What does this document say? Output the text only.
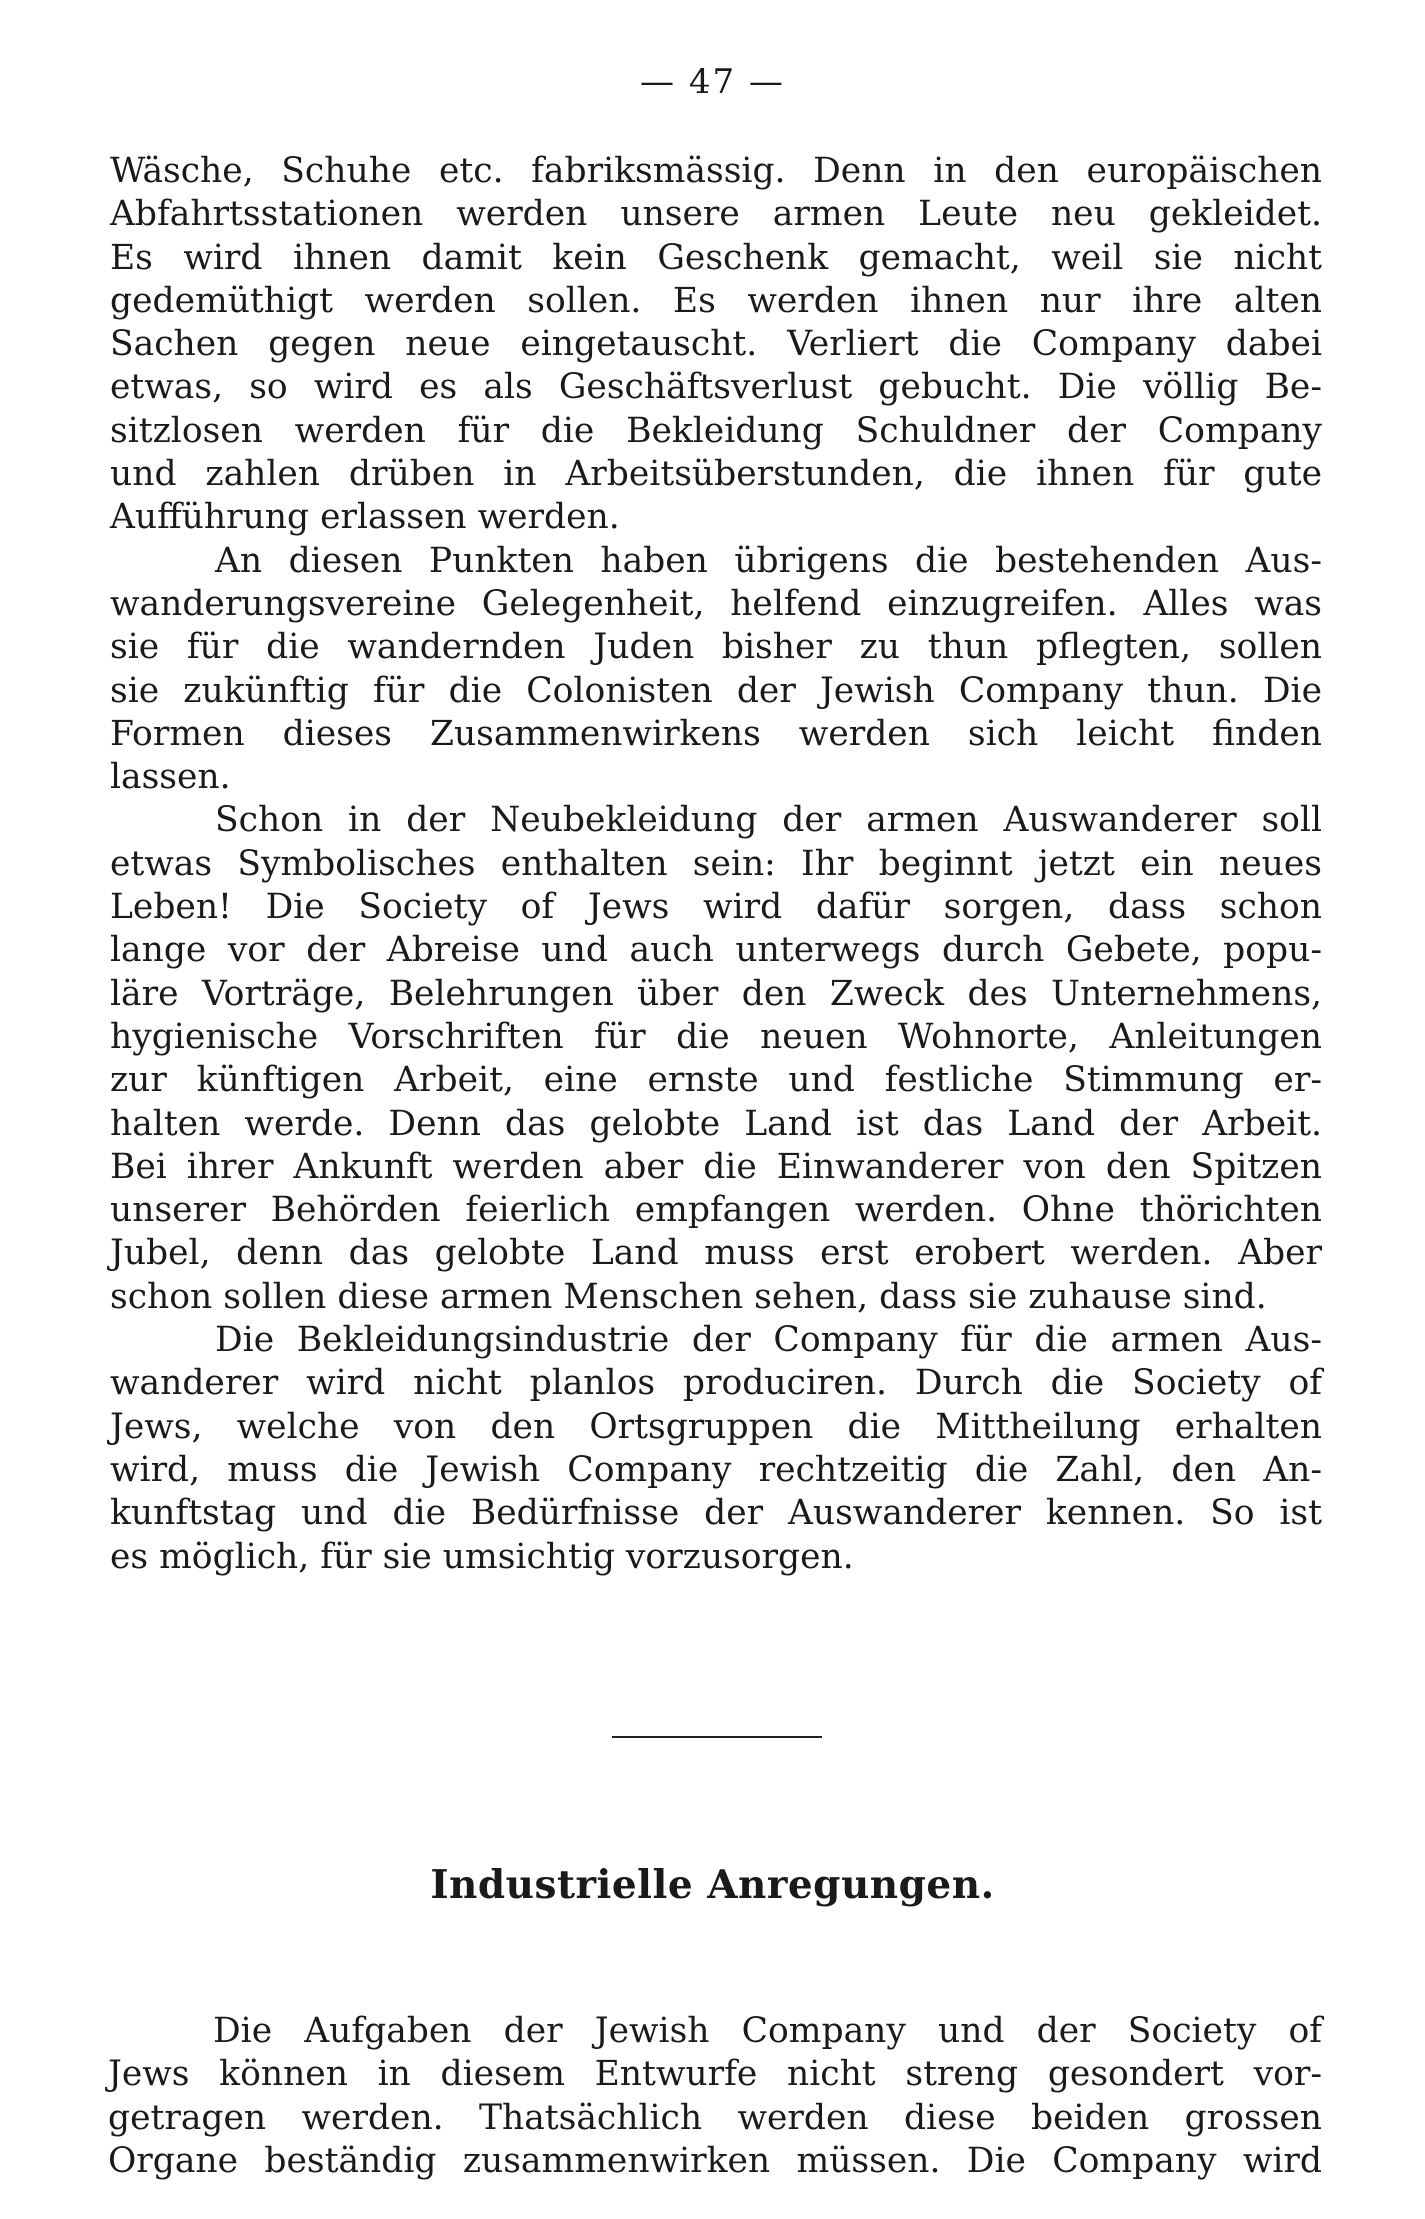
— 47 —
Wäsche, Schuhe etc. fabriksmässig. Denn in den europäischen
Abfahrtsstationen werden unsere armen Leute neu gekleidet.
Es wird ihnen damit kein Geschenk gemacht, weil sie nicht
gedemüthigt werden sollen. Es werden ihnen nur ihre alten
Sachen gegen neue eingetauscht. Verliert die Company dabei
etwas, so wird es als Geschäftsverlust gebucht. Die völlig Be-
sitzlosen werden für die Bekleidung Schuldner der Company
und zahlen drüben in Arbeitsüberstunden, die ihnen für gute
Aufführung erlassen werden.
An diesen Punkten haben übrigens die bestehenden Aus-
wanderungsvereine Gelegenheit, helfend einzugreifen. Alles was
sie für die wandernden Juden bisher zu thun pflegten, sollen
sie zukünftig für die Colonisten der Jewish Company thun. Die
Formen dieses Zusammenwirkens werden sich leicht finden
lassen.
Schon in der Neubekleidung der armen Auswanderer soll
etwas Symbolisches enthalten sein: Ihr beginnt jetzt ein neues
Leben! Die Society of Jews wird dafür sorgen, dass schon
lange vor der Abreise und auch unterwegs durch Gebete, popu-
läre Vorträge, Belehrungen über den Zweck des Unternehmens,
hygienische Vorschriften für die neuen Wohnorte, Anleitungen
zur künftigen Arbeit, eine ernste und festliche Stimmung er-
halten werde. Denn das gelobte Land ist das Land der Arbeit.
Bei ihrer Ankunft werden aber die Einwanderer von den Spitzen
unserer Behörden feierlich empfangen werden. Ohne thörichten
Jubel, denn das gelobte Land muss erst erobert werden. Aber
schon sollen diese armen Menschen sehen, dass sie zuhause sind.
Die Bekleidungsindustrie der Company für die armen Aus-
wanderer wird nicht planlos produciren. Durch die Society of
Jews, welche von den Ortsgruppen die Mittheilung erhalten
wird, muss die Jewish Company rechtzeitig die Zahl, den An-
kunftstag und die Bedürfnisse der Auswanderer kennen. So ist
es möglich, für sie umsichtig vorzusorgen.
Industrielle Anregungen.
Die Aufgaben der Jewish Company und der Society of
Jews können in diesem Entwurfe nicht streng gesondert vor-
getragen werden. Thatsächlich werden diese beiden grossen
Organe beständig zusammenwirken müssen. Die Company wird
